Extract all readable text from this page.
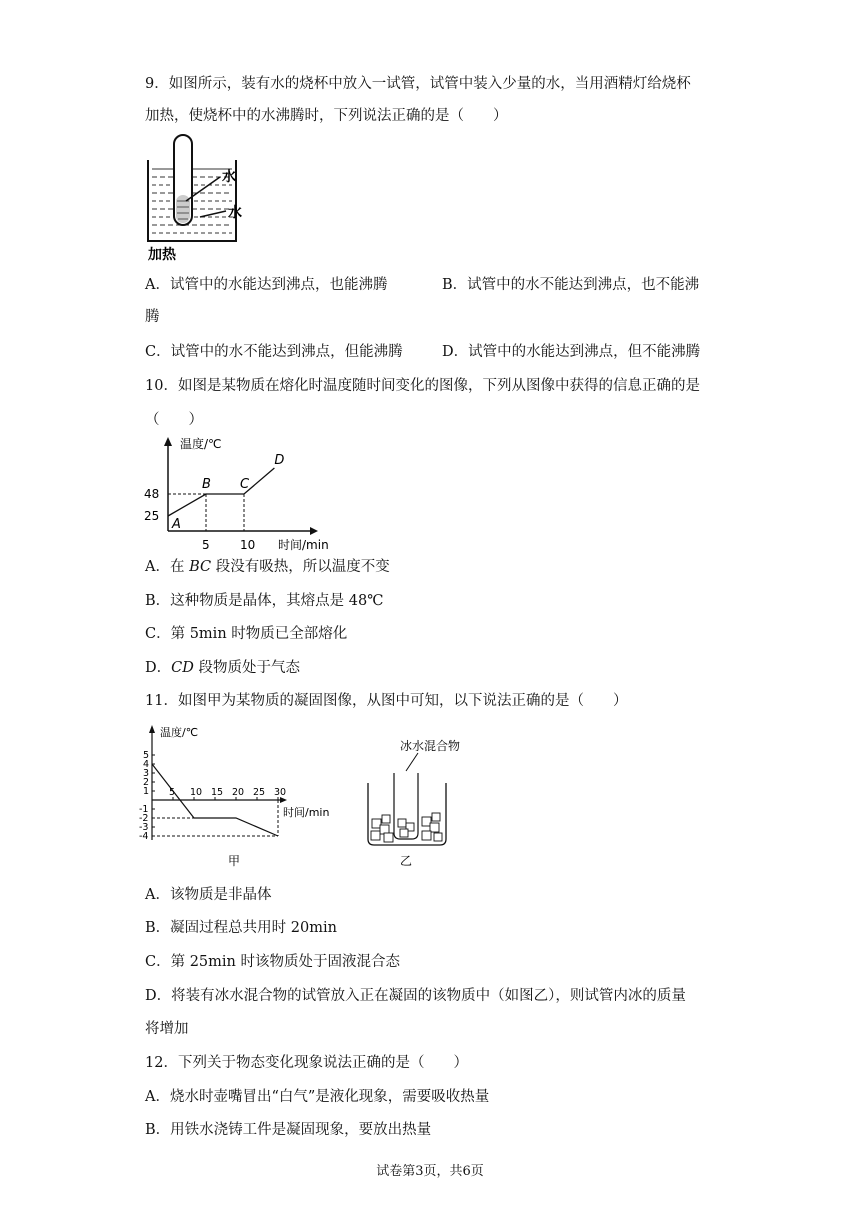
9．如图所示，装有水的烧杯中放入一试管，试管中装入少量的水，当用酒精灯给烧杯
加热，使烧杯中的水沸腾时，下列说法正确的是（　　）
水
水
加热
A．试管中的水能达到沸点，也能沸腾	B．试管中的水不能达到沸点，也不能沸
腾
C．试管中的水不能达到沸点，但能沸腾	D．试管中的水能达到沸点，但不能沸腾
10．如图是某物质在熔化时温度随时间变化的图像，下列从图像中获得的信息正确的是
（　　）
温度/℃
时间/min
A
B C
D
5	10
48
25
A．在 BC 段没有吸热，所以温度不变
B．这种物质是晶体，其熔点是 48℃
C．第 5min 时物质已全部熔化
D．CD 段物质处于气态
11．如图甲为某物质的凝固图像，从图中可知，以下说法正确的是（　　）
温度/℃
时间/min
5 10 15 20 25 30
5
4
3
2
1
-1
-2
-3
-4
甲
冰水混合物
乙
A．该物质是非晶体
B．凝固过程总共用时 20min
C．第 25min 时该物质处于固液混合态
D．将装有冰水混合物的试管放入正在凝固的该物质中（如图乙），则试管内冰的质量
将增加
12．下列关于物态变化现象说法正确的是（　　）
A．烧水时壶嘴冒出“白气”是液化现象，需要吸收热量
B．用铁水浇铸工件是凝固现象，要放出热量
试卷第3页，共6页
